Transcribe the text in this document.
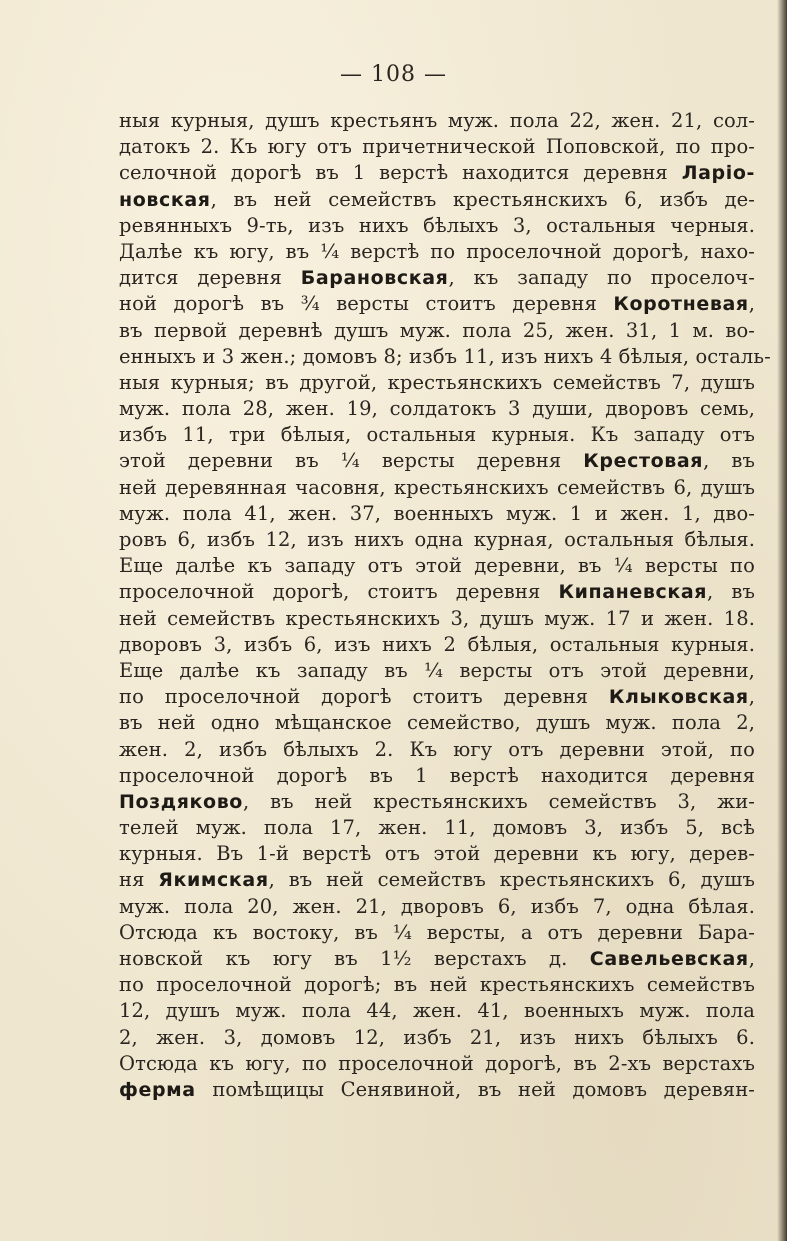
— 108 —
ныя курныя, душъ крестьянъ муж. пола 22, жен. 21, сол-
датокъ 2. Къ югу отъ причетнической Поповской, по про-
селочной дорогѣ въ 1 верстѣ находится деревня Ларіо-
новская, въ ней семействъ крестьянскихъ 6, избъ де-
ревянныхъ 9-ть, изъ нихъ бѣлыхъ 3, остальныя черныя.
Далѣе къ югу, въ ¼ верстѣ по проселочной дорогѣ, нахо-
дится деревня Барановская, къ западу по проселоч-
ной дорогѣ въ ¾ версты стоитъ деревня Коротневая,
въ первой деревнѣ душъ муж. пола 25, жен. 31, 1 м. во-
енныхъ и 3 жен.; домовъ 8; избъ 11, изъ нихъ 4 бѣлыя, осталь-
ныя курныя; въ другой, крестьянскихъ семействъ 7, душъ
муж. пола 28, жен. 19, солдатокъ 3 души, дворовъ семь,
избъ 11, три бѣлыя, остальныя курныя. Къ западу отъ
этой деревни въ ¼ версты деревня Крестовая, въ
ней деревянная часовня, крестьянскихъ семействъ 6, душъ
муж. пола 41, жен. 37, военныхъ муж. 1 и жен. 1, дво-
ровъ 6, избъ 12, изъ нихъ одна курная, остальныя бѣлыя.
Еще далѣе къ западу отъ этой деревни, въ ¼ версты по
проселочной дорогѣ, стоитъ деревня Кипаневская, въ
ней семействъ крестьянскихъ 3, душъ муж. 17 и жен. 18.
дворовъ 3, избъ 6, изъ нихъ 2 бѣлыя, остальныя курныя.
Еще далѣе къ западу въ ¼ версты отъ этой деревни,
по проселочной дорогѣ стоитъ деревня Клыковская,
въ ней одно мѣщанское семейство, душъ муж. пола 2,
жен. 2, избъ бѣлыхъ 2. Къ югу отъ деревни этой, по
проселочной дорогѣ въ 1 верстѣ находится деревня
Поздяково, въ ней крестьянскихъ семействъ 3, жи-
телей муж. пола 17, жен. 11, домовъ 3, избъ 5, всѣ
курныя. Въ 1-й верстѣ отъ этой деревни къ югу, дерев-
ня Якимская, въ ней семействъ крестьянскихъ 6, душъ
муж. пола 20, жен. 21, дворовъ 6, избъ 7, одна бѣлая.
Отсюда къ востоку, въ ¼ версты, а отъ деревни Бара-
новской къ югу въ 1½ верстахъ д. Савельевская,
по проселочной дорогѣ; въ ней крестьянскихъ семействъ
12, душъ муж. пола 44, жен. 41, военныхъ муж. пола
2, жен. 3, домовъ 12, избъ 21, изъ нихъ бѣлыхъ 6.
Отсюда къ югу, по проселочной дорогѣ, въ 2-хъ верстахъ
ферма помѣщицы Сенявиной, въ ней домовъ деревян-
